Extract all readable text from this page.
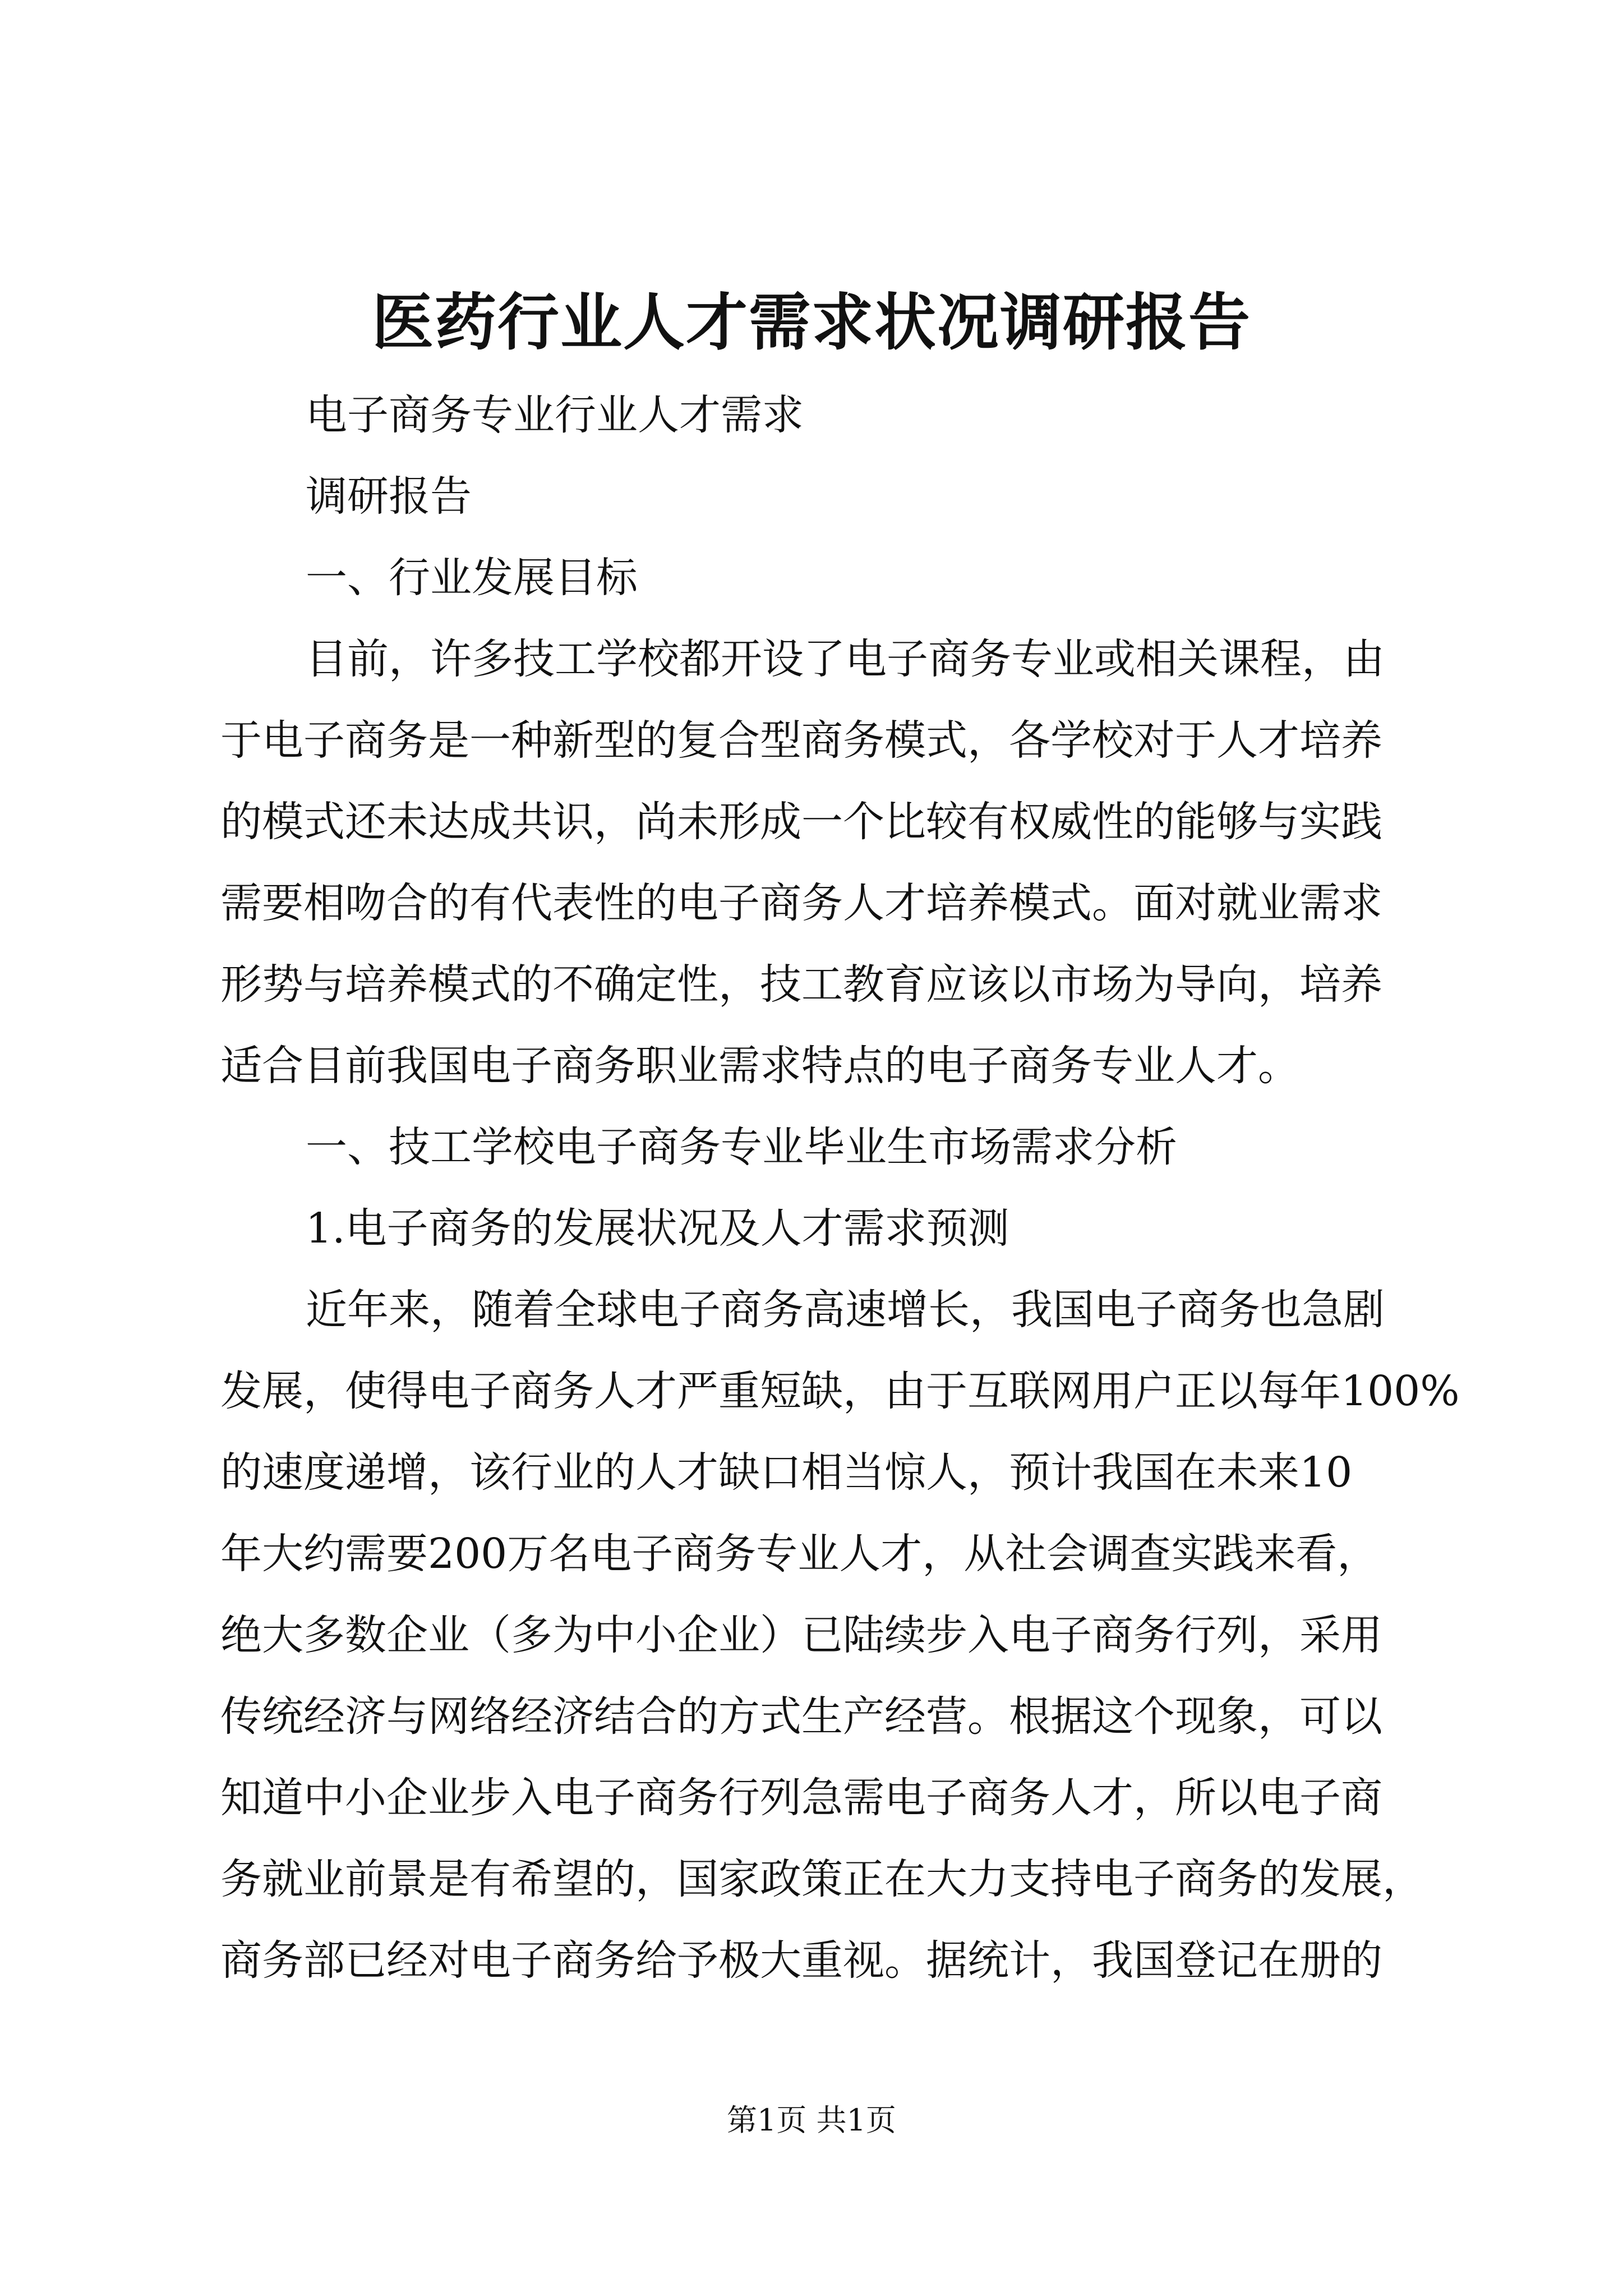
医药行业人才需求状况调研报告
电子商务专业行业人才需求
调研报告
一、行业发展目标
目前，许多技工学校都开设了电子商务专业或相关课程，由
于电子商务是一种新型的复合型商务模式，各学校对于人才培养
的模式还未达成共识，尚未形成一个比较有权威性的能够与实践
需要相吻合的有代表性的电子商务人才培养模式。面对就业需求
形势与培养模式的不确定性，技工教育应该以市场为导向，培养
适合目前我国电子商务职业需求特点的电子商务专业人才。
一、技工学校电子商务专业毕业生市场需求分析
1.电子商务的发展状况及人才需求预测
近年来，随着全球电子商务高速增长，我国电子商务也急剧
发展，使得电子商务人才严重短缺，由于互联网用户正以每年100%
的速度递增，该行业的人才缺口相当惊人，预计我国在未来10
年大约需要200万名电子商务专业人才，从社会调查实践来看，
绝大多数企业（多为中小企业）已陆续步入电子商务行列，采用
传统经济与网络经济结合的方式生产经营。根据这个现象，可以
知道中小企业步入电子商务行列急需电子商务人才，所以电子商
务就业前景是有希望的，国家政策正在大力支持电子商务的发展，
商务部已经对电子商务给予极大重视。据统计，我国登记在册的
第1页 共1页
